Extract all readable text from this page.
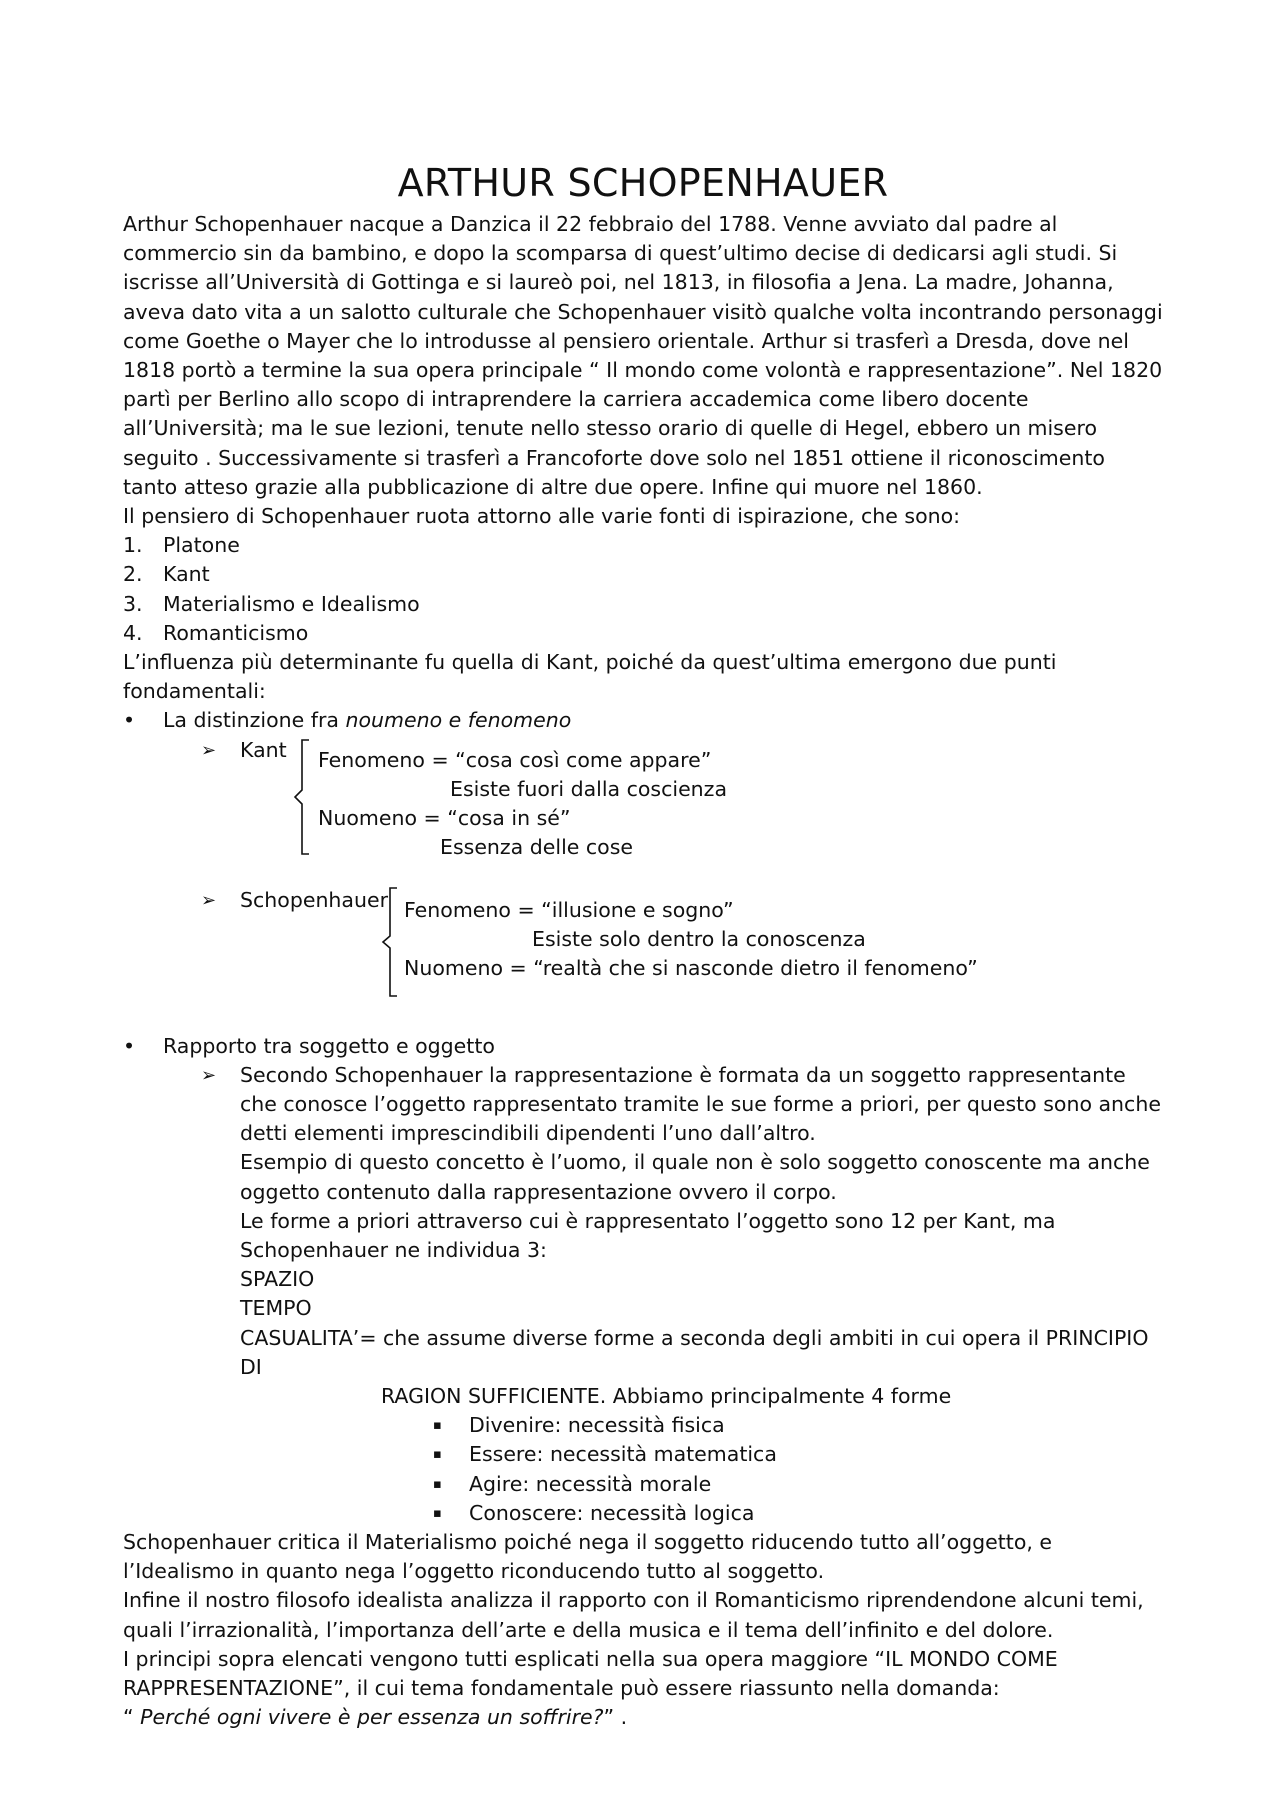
ARTHUR SCHOPENHAUER

Arthur Schopenhauer nacque a Danzica il 22 febbraio del 1788. Venne avviato dal padre al commercio sin da bambino, e dopo la scomparsa di quest’ultimo decise di dedicarsi agli studi. Si iscrisse all’Università di Gottinga e si laureò poi, nel 1813, in filosofia a Jena. La madre, Johanna, aveva dato vita a un salotto culturale che Schopenhauer visitò qualche volta incontrando personaggi come Goethe o Mayer che lo introdusse al pensiero orientale. Arthur si trasferì a Dresda, dove nel 1818 portò a termine la sua opera principale “ Il mondo come volontà e rappresentazione”. Nel 1820 partì per Berlino allo scopo di intraprendere la carriera accademica come libero docente all’Università; ma le sue lezioni, tenute nello stesso orario di quelle di Hegel, ebbero un misero seguito . Successivamente si trasferì a Francoforte dove solo nel 1851 ottiene il riconoscimento tanto atteso grazie alla pubblicazione di altre due opere. Infine qui muore nel 1860.

Il pensiero di Schopenhauer ruota attorno alle varie fonti di ispirazione, che sono:

1. Platone
2. Kant
3. Materialismo e Idealismo
4. Romanticismo

L’influenza più determinante fu quella di Kant, poiché da quest’ultima emergono due punti fondamentali:

• La distinzione fra noumeno e fenomeno
➢ Kant Fenomeno = “cosa così come appare”
Esiste fuori dalla coscienza
Nuomeno = “cosa in sé”
Essenza delle cose
➢ Schopenhauer Fenomeno = “illusione e sogno”
Esiste solo dentro la conoscenza
Nuomeno = “realtà che si nasconde dietro il fenomeno”
• Rapporto tra soggetto e oggetto
➢ Secondo Schopenhauer la rappresentazione è formata da un soggetto rappresentante che conosce l’oggetto rappresentato tramite le sue forme a priori, per questo sono anche detti elementi imprescindibili dipendenti l’uno dall’altro.

Esempio di questo concetto è l’uomo, il quale non è solo soggetto conoscente ma anche oggetto contenuto dalla rappresentazione ovvero il corpo.

Le forme a priori attraverso cui è rappresentato l’oggetto sono 12 per Kant, ma Schopenhauer ne individua 3:

SPAZIO

TEMPO

CASUALITA’= che assume diverse forme a seconda degli ambiti in cui opera il PRINCIPIO DI

RAGION SUFFICIENTE. Abbiamo principalmente 4 forme

▪ Divenire: necessità fisica
▪ Essere: necessità matematica
▪ Agire: necessità morale
▪ Conoscere: necessità logica

Schopenhauer critica il Materialismo poiché nega il soggetto riducendo tutto all’oggetto, e l’Idealismo in quanto nega l’oggetto riconducendo tutto al soggetto.

Infine il nostro filosofo idealista analizza il rapporto con il Romanticismo riprendendone alcuni temi, quali l’irrazionalità, l’importanza dell’arte e della musica e il tema dell’infinito e del dolore.

I principi sopra elencati vengono tutti esplicati nella sua opera maggiore “IL MONDO COME RAPPRESENTAZIONE”, il cui tema fondamentale può essere riassunto nella domanda:

“ Perché ogni vivere è per essenza un soffrire?” .
